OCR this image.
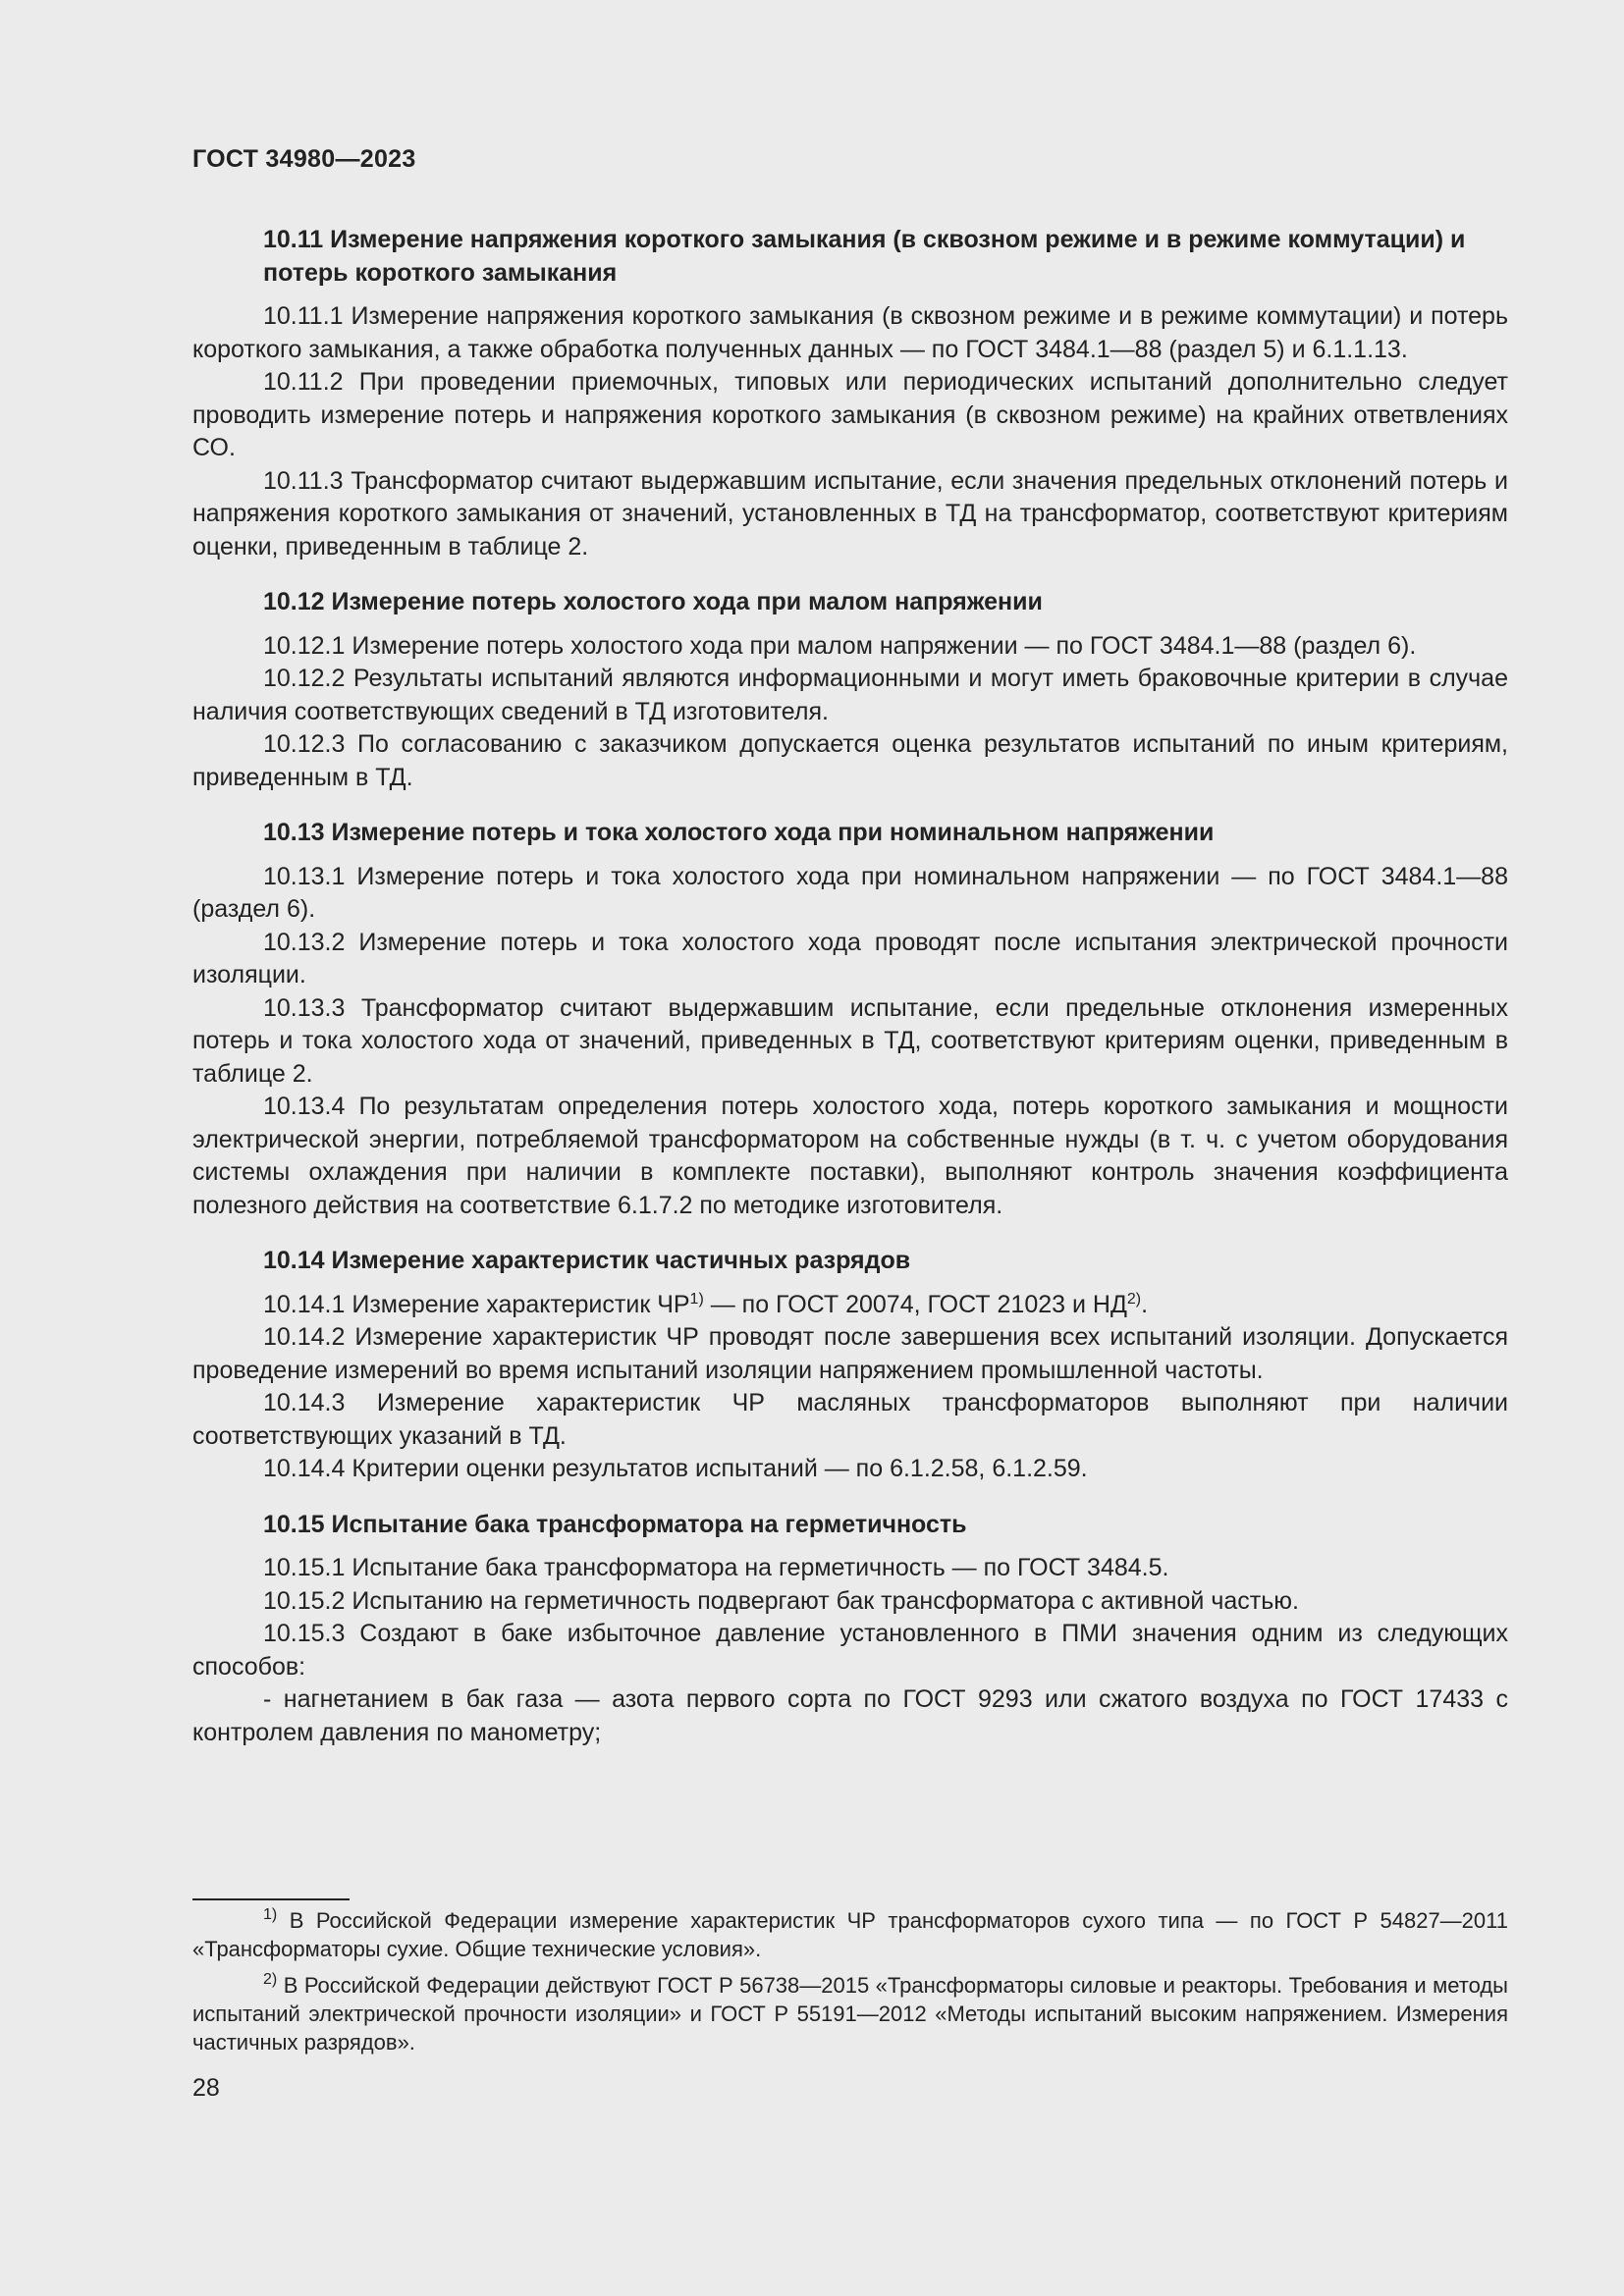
ГОСТ 34980—2023
10.11 Измерение напряжения короткого замыкания (в сквозном режиме и в режиме коммутации) и потерь короткого замыкания

10.11.1 Измерение напряжения короткого замыкания (в сквозном режиме и в режиме коммутации) и потерь короткого замыкания, а также обработка полученных данных — по ГОСТ 3484.1—88 (раздел 5) и 6.1.1.13.

10.11.2 При проведении приемочных, типовых или периодических испытаний дополнительно следует проводить измерение потерь и напряжения короткого замыкания (в сквозном режиме) на крайних ответвлениях СО.

10.11.3 Трансформатор считают выдержавшим испытание, если значения предельных отклонений потерь и напряжения короткого замыкания от значений, установленных в ТД на трансформатор, соответствуют критериям оценки, приведенным в таблице 2.

10.12 Измерение потерь холостого хода при малом напряжении

10.12.1 Измерение потерь холостого хода при малом напряжении — по ГОСТ 3484.1—88 (раздел 6).

10.12.2 Результаты испытаний являются информационными и могут иметь браковочные критерии в случае наличия соответствующих сведений в ТД изготовителя.

10.12.3 По согласованию с заказчиком допускается оценка результатов испытаний по иным критериям, приведенным в ТД.

10.13 Измерение потерь и тока холостого хода при номинальном напряжении

10.13.1 Измерение потерь и тока холостого хода при номинальном напряжении — по ГОСТ 3484.1—88 (раздел 6).

10.13.2 Измерение потерь и тока холостого хода проводят после испытания электрической прочности изоляции.

10.13.3 Трансформатор считают выдержавшим испытание, если предельные отклонения измеренных потерь и тока холостого хода от значений, приведенных в ТД, соответствуют критериям оценки, приведенным в таблице 2.

10.13.4 По результатам определения потерь холостого хода, потерь короткого замыкания и мощности электрической энергии, потребляемой трансформатором на собственные нужды (в т. ч. с учетом оборудования системы охлаждения при наличии в комплекте поставки), выполняют контроль значения коэффициента полезного действия на соответствие 6.1.7.2 по методике изготовителя.

10.14 Измерение характеристик частичных разрядов

10.14.1 Измерение характеристик ЧР$^{1)}$ — по ГОСТ 20074, ГОСТ 21023 и НД$^{2)}$.

10.14.2 Измерение характеристик ЧР проводят после завершения всех испытаний изоляции. Допускается проведение измерений во время испытаний изоляции напряжением промышленной частоты.

10.14.3 Измерение характеристик ЧР масляных трансформаторов выполняют при наличии соответствующих указаний в ТД.

10.14.4 Критерии оценки результатов испытаний — по 6.1.2.58, 6.1.2.59.

10.15 Испытание бака трансформатора на герметичность

10.15.1 Испытание бака трансформатора на герметичность — по ГОСТ 3484.5.

10.15.2 Испытанию на герметичность подвергают бак трансформатора с активной частью.

10.15.3 Создают в баке избыточное давление установленного в ПМИ значения одним из следующих способов:

- нагнетанием в бак газа — азота первого сорта по ГОСТ 9293 или сжатого воздуха по ГОСТ 17433 с контролем давления по манометру;

$^{1)}$ В Российской Федерации измерение характеристик ЧР трансформаторов сухого типа — по ГОСТ Р 54827—2011 «Трансформаторы сухие. Общие технические условия».

$^{2)}$ В Российской Федерации действуют ГОСТ Р 56738—2015 «Трансформаторы силовые и реакторы. Требования и методы испытаний электрической прочности изоляции» и ГОСТ Р 55191—2012 «Методы испытаний высоким напряжением. Измерения частичных разрядов».

28
